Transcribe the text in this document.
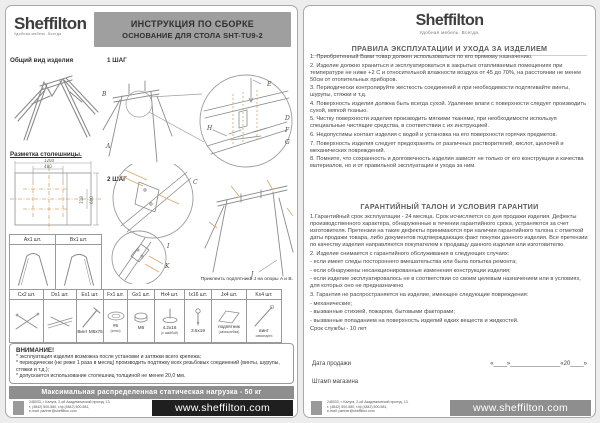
Sheffilton
Удобная мебель. Всегда.
ИНСТРУКЦИЯ ПО СБОРКЕ
ОСНОВАНИЕ ДЛЯ СТОЛА SHT-TU9-2
Общий вид изделия
Разметка столешницы.
1200
480
318 600
1 ШАГ
B
A
E
H
D
F
G
2 ШАГ	C
I
K
J
Приклеить подпятники J на опоры A и B.
Ax1 шт.	Bx1 шт.
Cx2 шт.	Dx1 шт.	Ex1 шт.
Винт M6x75
Fx1 шт.
#6
(ключ)
Gx1 шт.
M6
Hx4 шт.
4.2x16
(с шайбой)
Ix16 шт.
3.5x19
Jx4 шт.
подпятник
(самоклейка)
Kx4 шт.
винт
самонарез
ВНИМАНИЕ!
* эксплуатация изделия возможна после установки и затяжки всего крепежа;
* периодически (не реже 1 раза в месяц) производить подтяжку всех резьбовых соединений (винты, шурупы, стяжки и т.д.);
* допускается использование столешниц толщиной не менее 20,0 мм.
Максимальная распределенная статическая нагрузка - 50 кг
248033, г. Калуга, 2-ой Академический проезд, 13,
т. (4842) 500-580, т/ф (4842) 500-581,
e-mail: partner@sheffilton.com	www.sheffilton.com
Sheffilton
Удобная мебель. Всегда.
ПРАВИЛА ЭКСПЛУАТАЦИИ И УХОДА ЗА ИЗДЕЛИЕМ

1. Приобретенный Вами товар должен использоваться по его прямому назначению.

2. Изделие должно храниться и эксплуатироваться в закрытых отапливаемых помещениях при температуре не ниже +2 С и относительной влажности воздуха от 45 до 70%, на расстоянии не менее 50см от отопительных приборов.

3. Периодически контролируйте жесткость соединений и при необходимости подтягивайте винты, шурупы, стяжки и т.д.

4. Поверхность изделия должна быть всегда сухой. Удаление влаги с поверхности следует производить сухой, мягкой тканью.

5. Чистку поверхности изделия производить мягкими тканями, при необходимости используя специальные чистящие средства, в соответствии с их инструкцией.

6. Недопустимы контакт изделия с водой и установка на его поверхности горячих предметов.

7. Поверхность изделия следует предохранять от различных растворителей, кислот, щелочей и механических повреждений.

8. Помните, что сохранность и долговечность изделия зависят не только от его конструкции и качества материалов, но и от правильной эксплуатации и ухода за ним.

ГАРАНТИЙНЫЙ ТАЛОН И УСЛОВИЯ ГАРАНТИИ

1.Гарантийный срок эксплуатации - 24 месяца. Срок исчисляется со дня продажи изделия. Дефекты производственного характера, обнаруженные в течении гарантийного срока, устраняются за счет изготовителя. Претензии на такие дефекты принимаются при наличии гарантийного талона с отметкой даты продажи товара, либо документов подтверждающих факт покупки данного изделия. Все претензии по качеству изделия направляются покупателем к продавцу данного изделия или изготовителю.

2. Изделие снимается с гарантийного обслуживания в следующих случаях:

- если имеет следы постороннего вмешательства или была попытка ремонта;

- если обнаружены несанкционированные изменения конструкции изделия;

- если изделие эксплуатировалось не в соответствии со своим целевым назначением или в условиях, для которых оно не предназначено

3. Гарантия не распространяется на изделие, имеющее следующие повреждения:

- механические;

- вызванные стихией, пожаром, бытовыми факторами;

- вызванные попаданием на поверхность изделий едких веществ и жидкостей.

Срок службы - 10 лет

Дата продажи	«____»_______________«20____»
Штамп магазина
248033, г. Калуга, 2-ой Академический проезд, 13,
т. (4842) 500-580, т/ф (4842) 500-581,
e-mail: partner@sheffilton.com	www.sheffilton.com
